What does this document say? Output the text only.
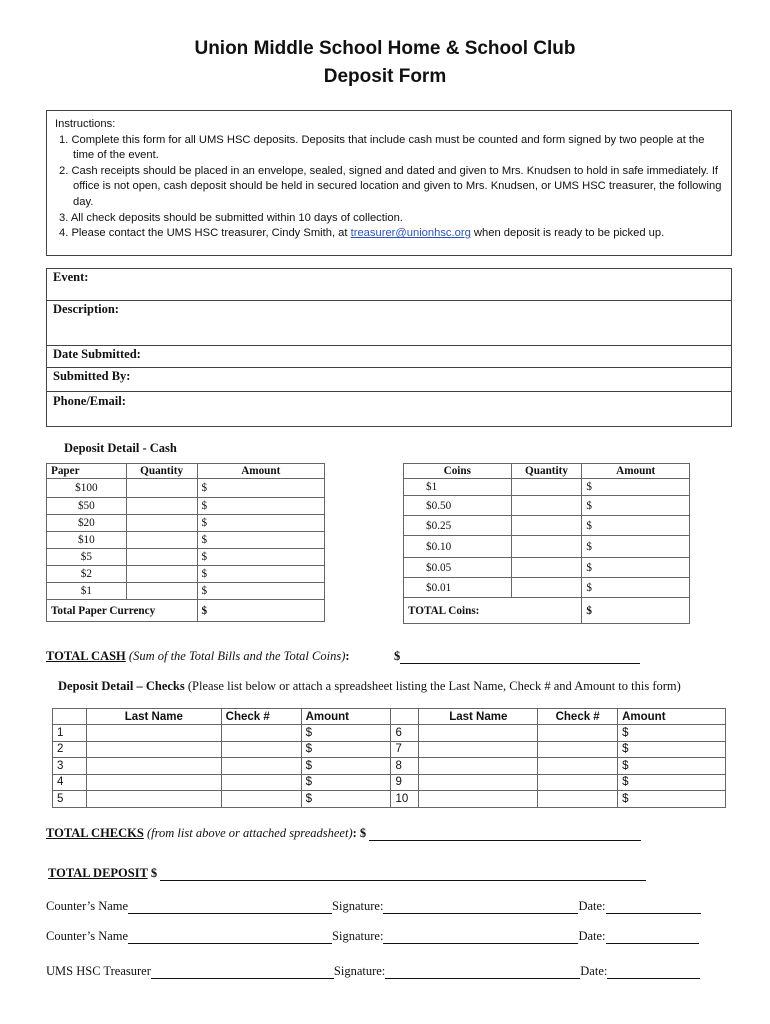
Union Middle School Home & School Club
Deposit Form
Instructions:
1. Complete this form for all UMS HSC deposits. Deposits that include cash must be counted and form signed by two people at the time of the event.
2. Cash receipts should be placed in an envelope, sealed, signed and dated and given to Mrs. Knudsen to hold in safe immediately. If office is not open, cash deposit should be held in secured location and given to Mrs. Knudsen, or UMS HSC treasurer, the following day.
3. All check deposits should be submitted within 10 days of collection.
4. Please contact the UMS HSC treasurer, Cindy Smith, at treasurer@unionhsc.org when deposit is ready to be picked up.
Event:
Description:
Date Submitted:
Submitted By:
Phone/Email:
Deposit Detail - Cash
Paper	Quantity	Amount
$100		$
$50		$
$20		$
$10		$
$5		$
$2		$
$1		$
Total Paper Currency		$
Coins	Quantity	Amount
$1		$
$0.50		$
$0.25		$
$0.10		$
$0.05		$
$0.01		$
TOTAL Coins:		$
TOTAL CASH (Sum of the Total Bills and the Total Coins):	$
Deposit Detail – Checks (Please list below or attach a spreadsheet listing the Last Name, Check # and Amount to this form)
	Last Name	Check #	Amount		Last Name	Check #	Amount
1			$	6			$
2			$	7			$
3			$	8			$
4			$	9			$
5			$	10			$
TOTAL CHECKS (from list above or attached spreadsheet): $
TOTAL DEPOSIT $
Counter’s Name	Signature:	Date:
Counter’s Name	Signature:	Date:
UMS HSC Treasurer	Signature:	Date:
